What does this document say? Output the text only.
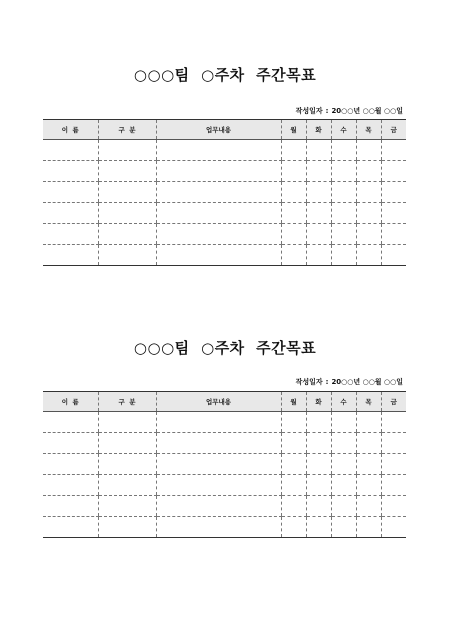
○○○팀  ○주차  주간목표
작성일자 : 20○○년 ○○월 ○○일
이  름	구  분	업무내용	월	화	수	목	금

○○○팀  ○주차  주간목표
작성일자 : 20○○년 ○○월 ○○일
이  름	구  분	업무내용	월	화	수	목	금
